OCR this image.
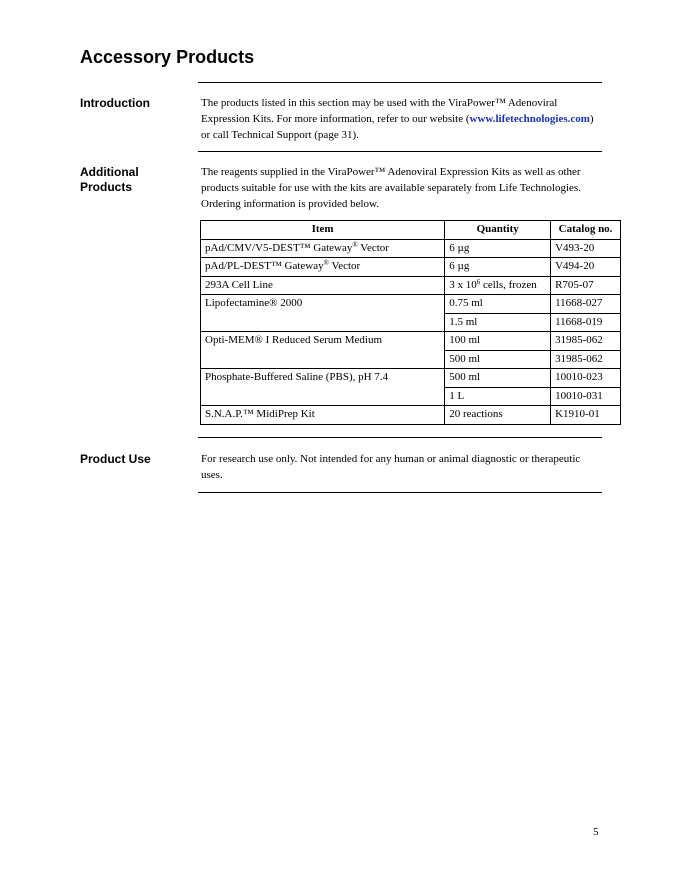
Accessory Products
Introduction	The products listed in this section may be used with the ViraPower™ Adenoviral Expression Kits. For more information, refer to our website (www.lifetechnologies.com) or call Technical Support (page 31).
Additional Products
The reagents supplied in the ViraPower™ Adenoviral Expression Kits as well as other products suitable for use with the kits are available separately from Life Technologies. Ordering information is provided below.
Item	Quantity	Catalog no.
pAd/CMV/V5-DEST™ Gateway® Vector	6 µg	V493-20
pAd/PL-DEST™ Gateway® Vector	6 µg	V494-20
293A Cell Line	3 x $10^6$ cells, frozen	R705-07
Lipofectamine® 2000	0.75 ml	11668-027
	1.5 ml	11668-019
Opti-MEM® I Reduced Serum Medium	100 ml	31985-062
	500 ml	31985-062
Phosphate-Buffered Saline (PBS), pH 7.4	500 ml	10010-023
	1 L	10010-031
S.N.A.P.™ MidiPrep Kit	20 reactions	K1910-01
Product Use	For research use only. Not intended for any human or animal diagnostic or therapeutic uses.
5
